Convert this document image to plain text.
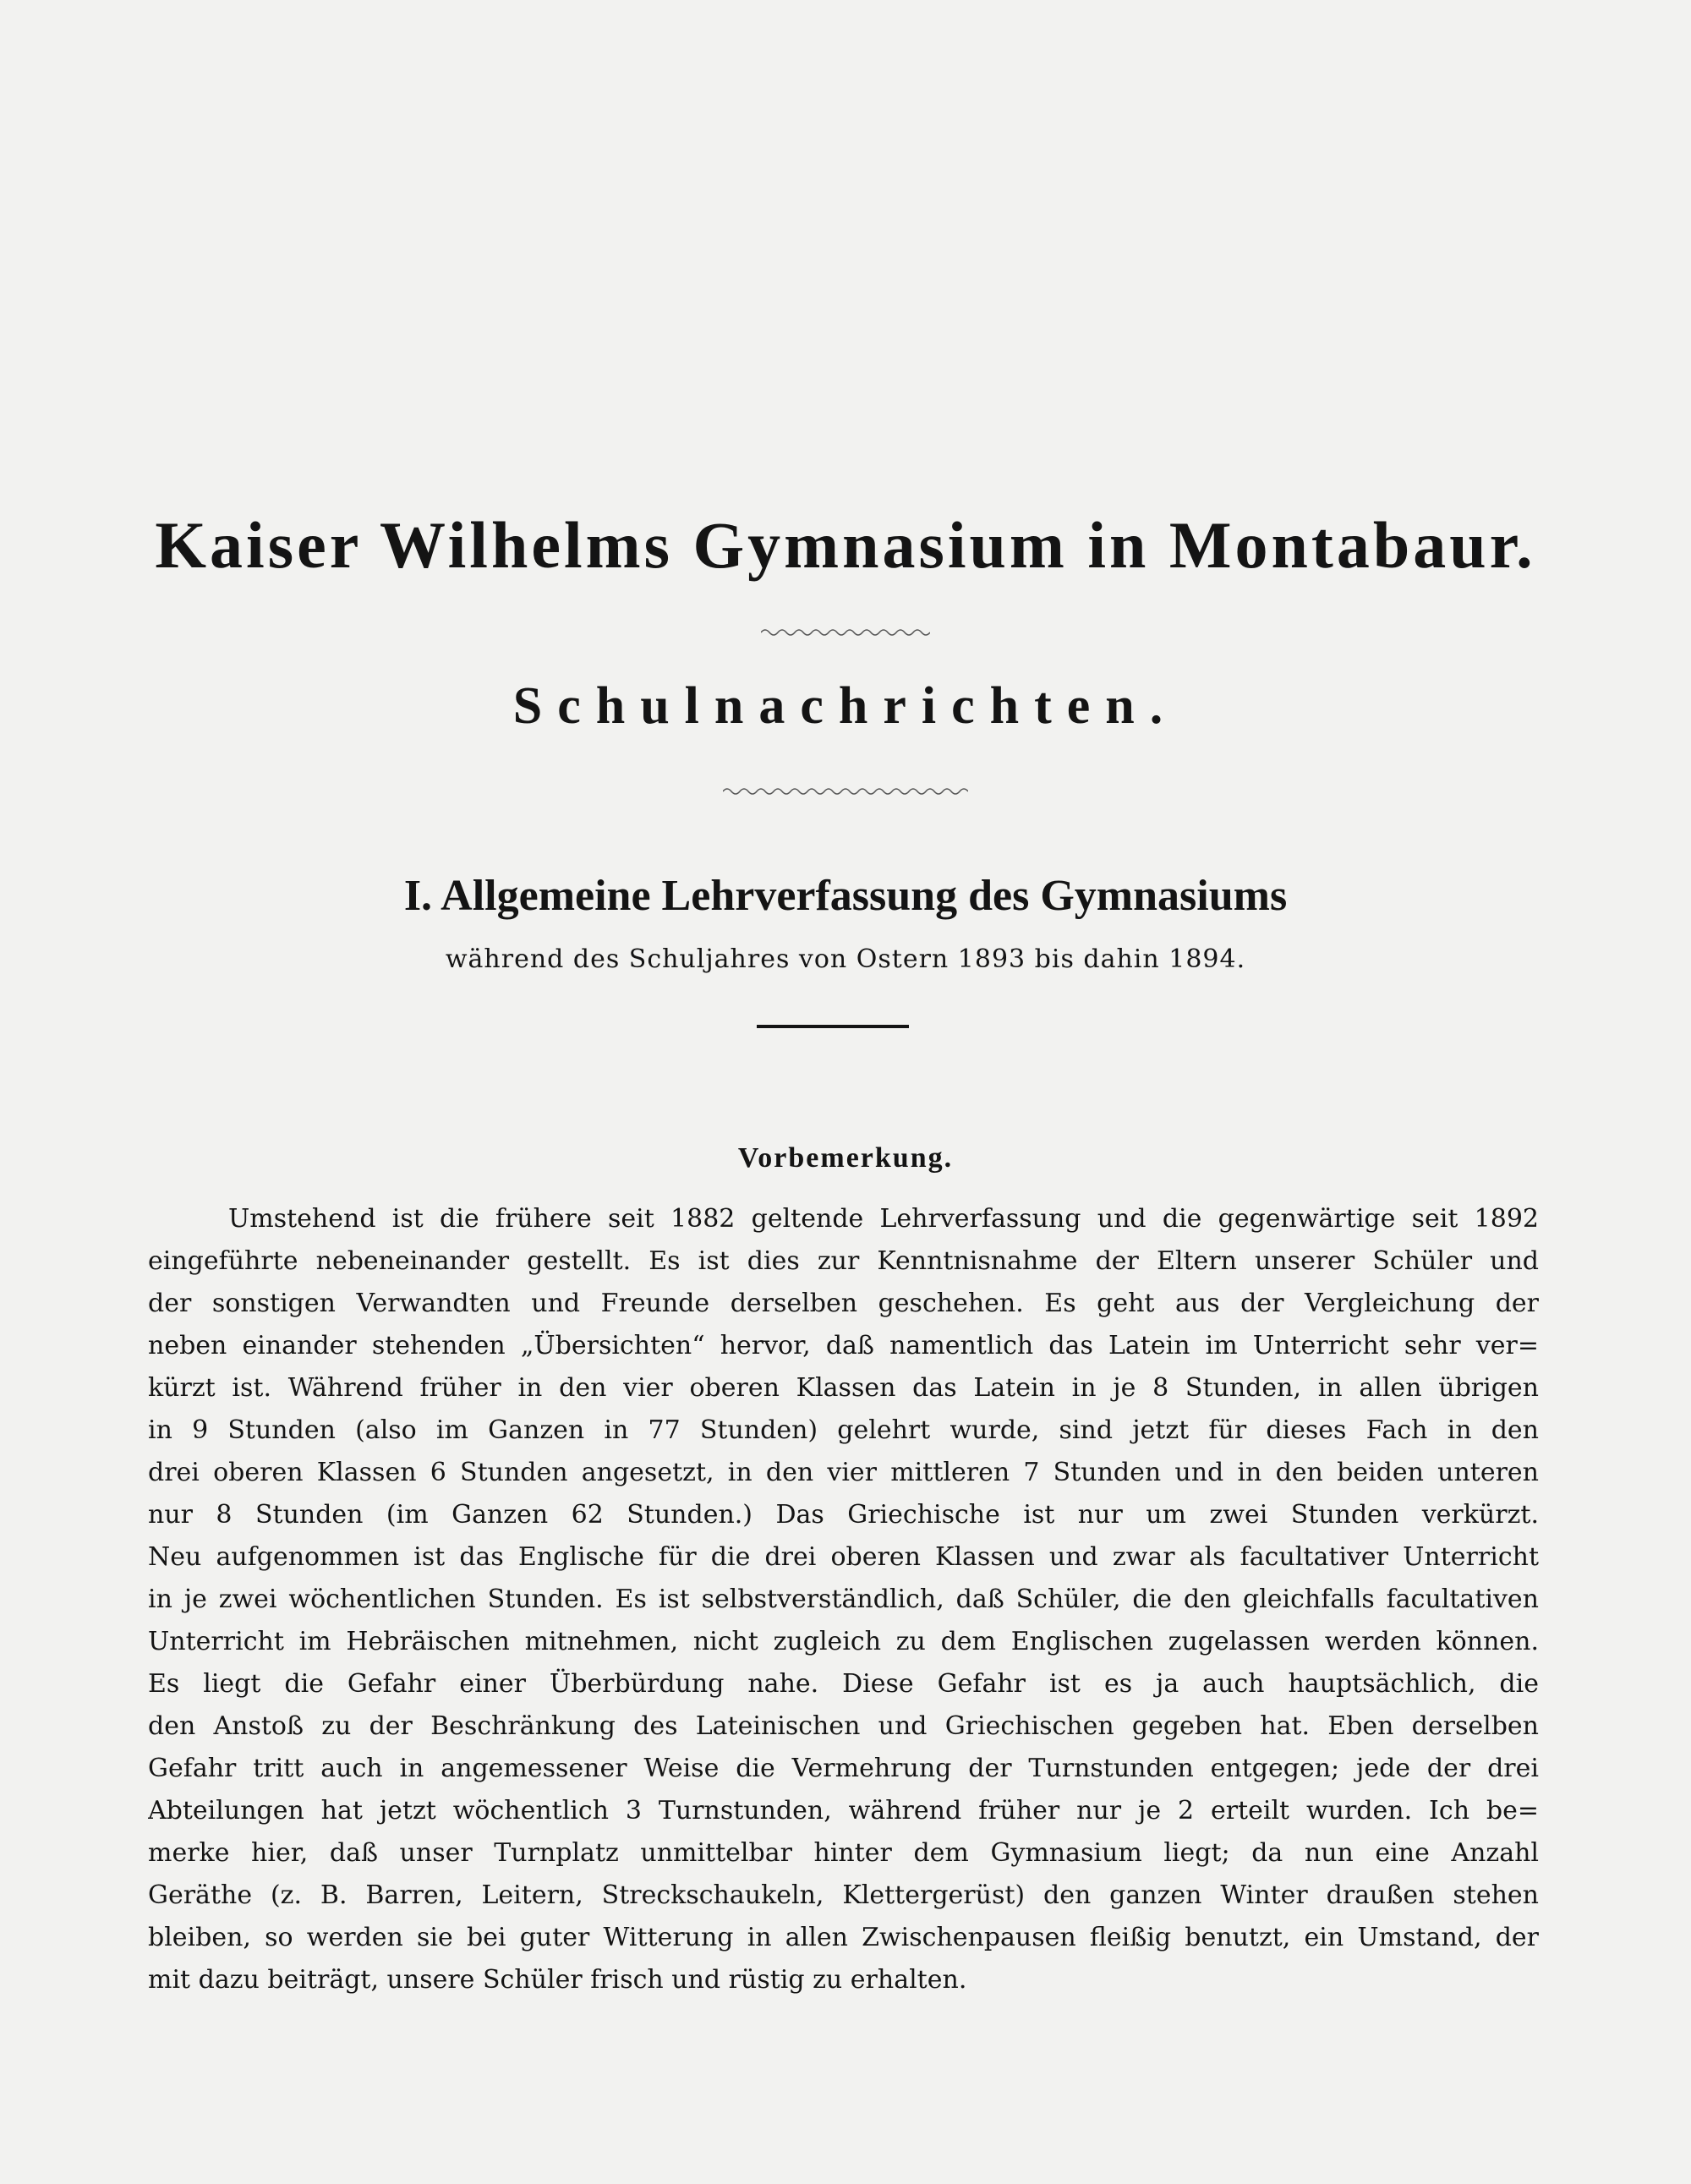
Kaiser Wilhelms Gymnasium in Montabaur.
Schulnachrichten.
I. Allgemeine Lehrverfassung des Gymnasiums
während des Schuljahres von Ostern 1893 bis dahin 1894.
Vorbemerkung.
Umstehend ist die frühere seit 1882 geltende Lehrverfassung und die gegenwärtige seit 1892
eingeführte nebeneinander gestellt. Es ist dies zur Kenntnisnahme der Eltern unserer Schüler und
der sonstigen Verwandten und Freunde derselben geschehen. Es geht aus der Vergleichung der
neben einander stehenden „Übersichten“ hervor, daß namentlich das Latein im Unterricht sehr ver=
kürzt ist. Während früher in den vier oberen Klassen das Latein in je 8 Stunden, in allen übrigen
in 9 Stunden (also im Ganzen in 77 Stunden) gelehrt wurde, sind jetzt für dieses Fach in den
drei oberen Klassen 6 Stunden angesetzt, in den vier mittleren 7 Stunden und in den beiden unteren
nur 8 Stunden (im Ganzen 62 Stunden.) Das Griechische ist nur um zwei Stunden verkürzt.
Neu aufgenommen ist das Englische für die drei oberen Klassen und zwar als facultativer Unterricht
in je zwei wöchentlichen Stunden. Es ist selbstverständlich, daß Schüler, die den gleichfalls facultativen
Unterricht im Hebräischen mitnehmen, nicht zugleich zu dem Englischen zugelassen werden können.
Es liegt die Gefahr einer Überbürdung nahe. Diese Gefahr ist es ja auch hauptsächlich, die
den Anstoß zu der Beschränkung des Lateinischen und Griechischen gegeben hat. Eben derselben
Gefahr tritt auch in angemessener Weise die Vermehrung der Turnstunden entgegen; jede der drei
Abteilungen hat jetzt wöchentlich 3 Turnstunden, während früher nur je 2 erteilt wurden. Ich be=
merke hier, daß unser Turnplatz unmittelbar hinter dem Gymnasium liegt; da nun eine Anzahl
Geräthe (z. B. Barren, Leitern, Streckschaukeln, Klettergerüst) den ganzen Winter draußen stehen
bleiben, so werden sie bei guter Witterung in allen Zwischenpausen fleißig benutzt, ein Umstand, der
mit dazu beiträgt, unsere Schüler frisch und rüstig zu erhalten.
